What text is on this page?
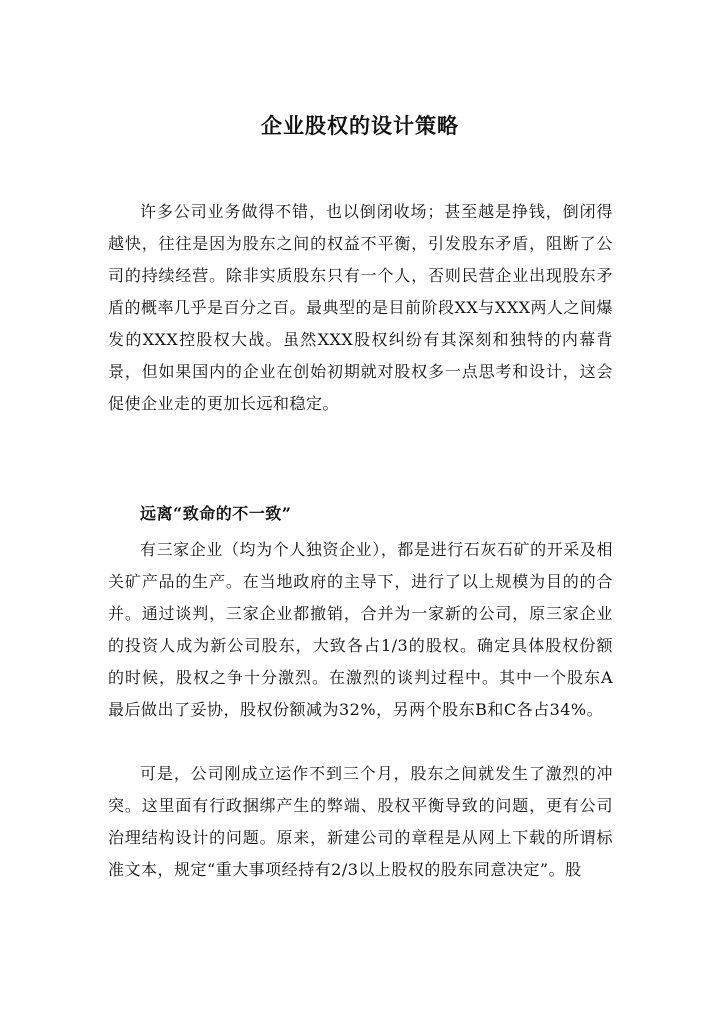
企业股权的设计策略

许多公司业务做得不错，也以倒闭收场；甚至越是挣钱，倒闭得越快，往往是因为股东之间的权益不平衡，引发股东矛盾，阻断了公司的持续经营。除非实质股东只有一个人，否则民营企业出现股东矛盾的概率几乎是百分之百。最典型的是目前阶段XX与XXX两人之间爆发的XXX控股权大战。虽然XXX股权纠纷有其深刻和独特的内幕背景，但如果国内的企业在创始初期就对股权多一点思考和设计，这会促使企业走的更加长远和稳定。

远离“致命的不一致”

有三家企业（均为个人独资企业），都是进行石灰石矿的开采及相关矿产品的生产。在当地政府的主导下，进行了以上规模为目的的合并。通过谈判，三家企业都撤销，合并为一家新的公司，原三家企业的投资人成为新公司股东，大致各占1/3的股权。确定具体股权份额的时候，股权之争十分激烈。在激烈的谈判过程中。其中一个股东A最后做出了妥协，股权份额减为32%，另两个股东B和C各占34%。

可是，公司刚成立运作不到三个月，股东之间就发生了激烈的冲突。这里面有行政捆绑产生的弊端、股权平衡导致的问题，更有公司治理结构设计的问题。原来，新建公司的章程是从网上下载的所谓标准文本，规定“重大事项经持有2/3以上股权的股东同意决定”。股
